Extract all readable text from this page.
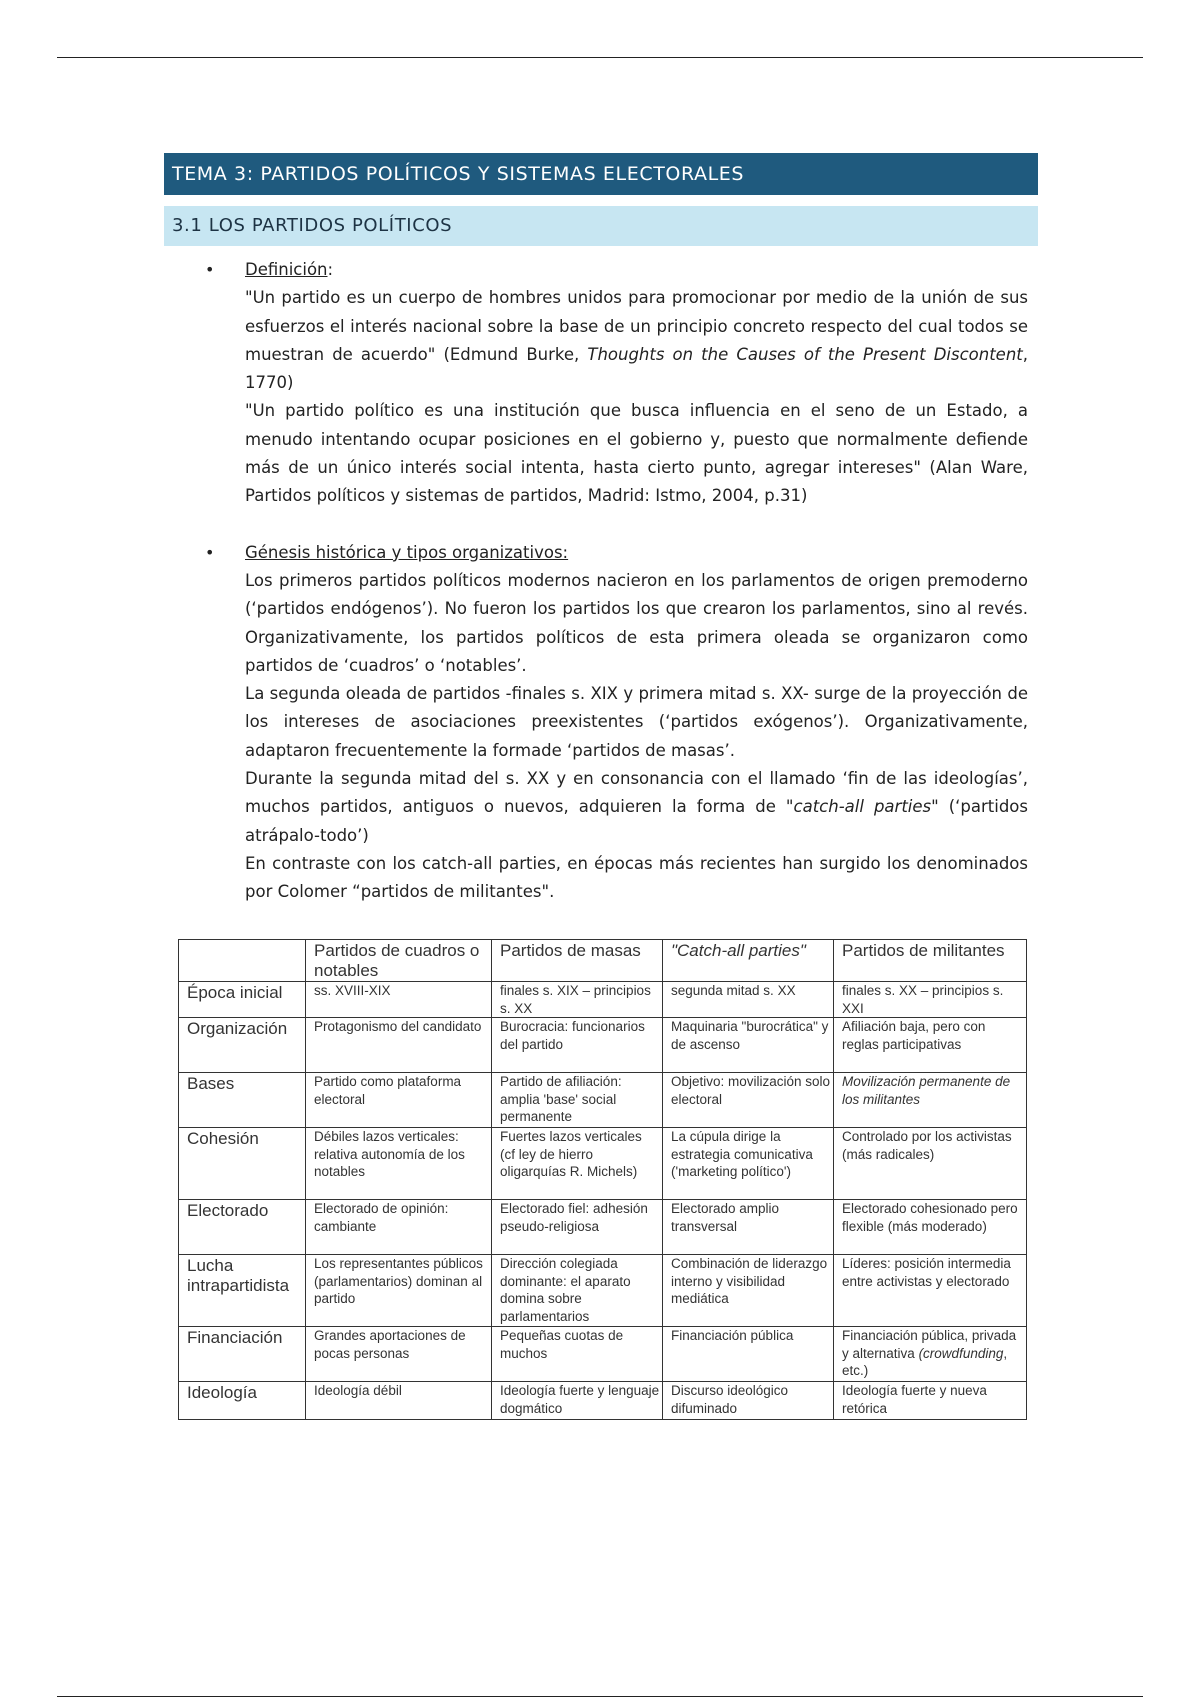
TEMA 3: PARTIDOS POLÍTICOS Y SISTEMAS ELECTORALES
3.1 LOS PARTIDOS POLÍTICOS
• Definición:
"Un partido es un cuerpo de hombres unidos para promocionar por medio de la unión de sus esfuerzos el interés nacional sobre la base de un principio concreto respecto del cual todos se muestran de acuerdo" (Edmund Burke, Thoughts on the Causes of the Present Discontent, 1770)
"Un partido político es una institución que busca influencia en el seno de un Estado, a menudo intentando ocupar posiciones en el gobierno y, puesto que normalmente defiende más de un único interés social intenta, hasta cierto punto, agregar intereses" (Alan Ware, Partidos políticos y sistemas de partidos, Madrid: Istmo, 2004, p.31)
• Génesis histórica y tipos organizativos:
Los primeros partidos políticos modernos nacieron en los parlamentos de origen premoderno (‘partidos endógenos’). No fueron los partidos los que crearon los parlamentos, sino al revés. Organizativamente, los partidos políticos de esta primera oleada se organizaron como partidos de ‘cuadros’ o ‘notables’.
La segunda oleada de partidos -finales s. XIX y primera mitad s. XX- surge de la proyección de los intereses de asociaciones preexistentes (‘partidos exógenos’). Organizativamente, adaptaron frecuentemente la formade ‘partidos de masas’.
Durante la segunda mitad del s. XX y en consonancia con el llamado ‘fin de las ideologías’, muchos partidos, antiguos o nuevos, adquieren la forma de "catch-all parties" (‘partidos atrápalo-todo’)
En contraste con los catch-all parties, en épocas más recientes han surgido los denominados por Colomer “partidos de militantes".
	Partidos de cuadros o notables	Partidos de masas	"Catch-all parties"	Partidos de militantes
Época inicial	ss. XVIII-XIX	finales s. XIX – principios s. XX	segunda mitad s. XX	finales s. XX – principios s. XXI
Organización	Protagonismo del candidato	Burocracia: funcionarios del partido	Maquinaria "burocrática" y de ascenso	Afiliación baja, pero con reglas participativas
Bases	Partido como plataforma electoral	Partido de afiliación: amplia 'base' social permanente	Objetivo: movilización solo electoral	Movilización permanente de los militantes
Cohesión	Débiles lazos verticales: relativa autonomía de los notables	Fuertes lazos verticales (cf ley de hierro oligarquías R. Michels)	La cúpula dirige la estrategia comunicativa ('marketing político')	Controlado por los activistas (más radicales)
Electorado	Electorado de opinión: cambiante	Electorado fiel: adhesión pseudo-religiosa	Electorado amplio transversal	Electorado cohesionado pero flexible (más moderado)
Lucha intrapartidista	Los representantes públicos (parlamentarios) dominan al partido	Dirección colegiada dominante: el aparato domina sobre parlamentarios	Combinación de liderazgo interno y visibilidad mediática	Líderes: posición intermedia entre activistas y electorado
Financiación	Grandes aportaciones de pocas personas	Pequeñas cuotas de muchos	Financiación pública	Financiación pública, privada y alternativa (crowdfunding, etc.)
Ideología	Ideología débil	Ideología fuerte y lenguaje dogmático	Discurso ideológico difuminado	Ideología fuerte y nueva retórica
